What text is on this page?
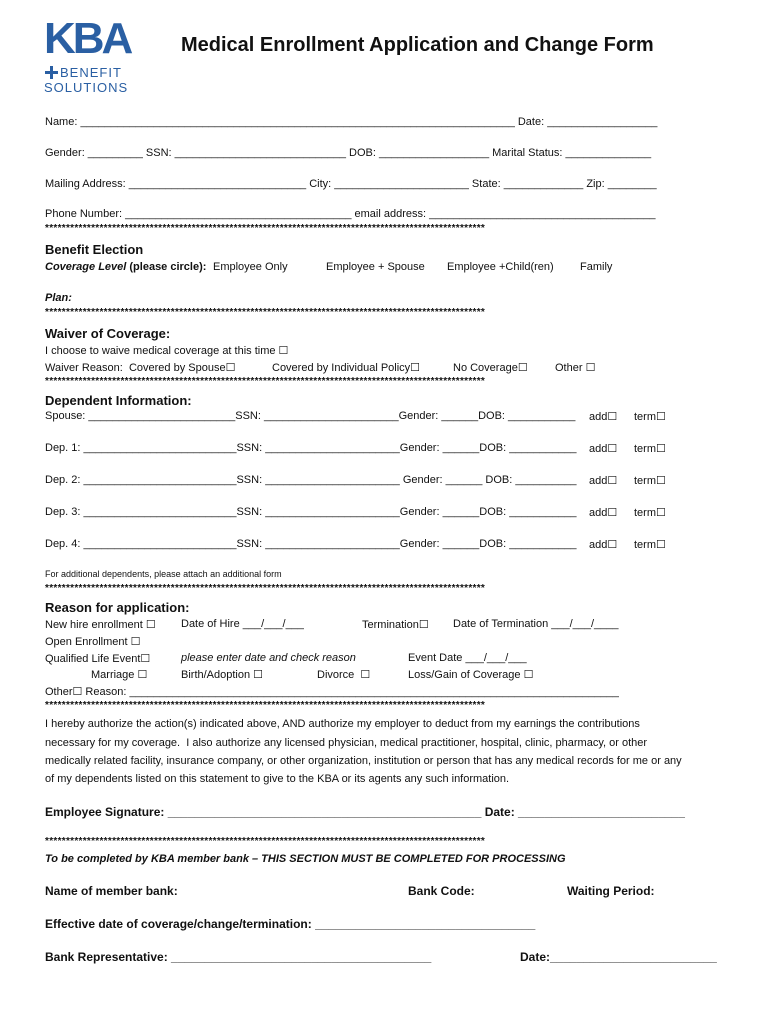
KBA
BENEFIT
SOLUTIONS
Medical Enrollment Application and Change Form
Name: _______________________________________________________________________ Date: __________________
Gender: _________ SSN: ____________________________ DOB: __________________ Marital Status: ______________
Mailing Address: _____________________________ City: ______________________ State: _____________ Zip: ________
Phone Number: _____________________________________ email address: _____________________________________
*********************************************************************************************************
Benefit Election
Coverage Level (please circle): Employee Only	Employee + Spouse Employee +Child(ren) Family
Plan:
*********************************************************************************************************
Waiver of Coverage:
I choose to waive medical coverage at this time ☐
Waiver Reason:  Covered by Spouse☐	Covered by Individual Policy☐	No Coverage☐ Other ☐
*********************************************************************************************************
Dependent Information:
Spouse: ________________________SSN: ______________________Gender: ______DOB: ___________ add☐ term☐
Dep. 1: _________________________SSN: ______________________Gender: ______DOB: ___________ add☐ term☐
Dep. 2: _________________________SSN: ______________________ Gender: ______ DOB: __________ add☐ term☐
Dep. 3: _________________________SSN: ______________________Gender: ______DOB: ___________ add☐ term☐
Dep. 4: _________________________SSN: ______________________Gender: ______DOB: ___________ add☐ term☐
For additional dependents, please attach an additional form
*********************************************************************************************************
Reason for application:
New hire enrollment ☐ Date of Hire ___/___/___	Termination☐ Date of Termination ___/___/____
Open Enrollment ☐
Qualified Life Event☐	please enter date and check reason	Event Date ___/___/___
Marriage ☐	Birth/Adoption ☐	Divorce  ☐	Loss/Gain of Coverage ☐
Other☐ Reason: ________________________________________________________________________________
*********************************************************************************************************
I hereby authorize the action(s) indicated above, AND authorize my employer to deduct from my earnings the contributions
necessary for my coverage.  I also authorize any licensed physician, medical practitioner, hospital, clinic, pharmacy, or other
medically related facility, insurance company, or other organization, institution or person that has any medical records for me or any
of my dependents listed on this statement to give to the KBA or its agents any such information.
Employee Signature: _______________________________________________ Date: _________________________
*********************************************************************************************************
To be completed by KBA member bank – THIS SECTION MUST BE COMPLETED FOR PROCESSING
Name of member bank:	Bank Code:	Waiting Period:
Effective date of coverage/change/termination: _________________________________
Bank Representative: _______________________________________	Date:_________________________
